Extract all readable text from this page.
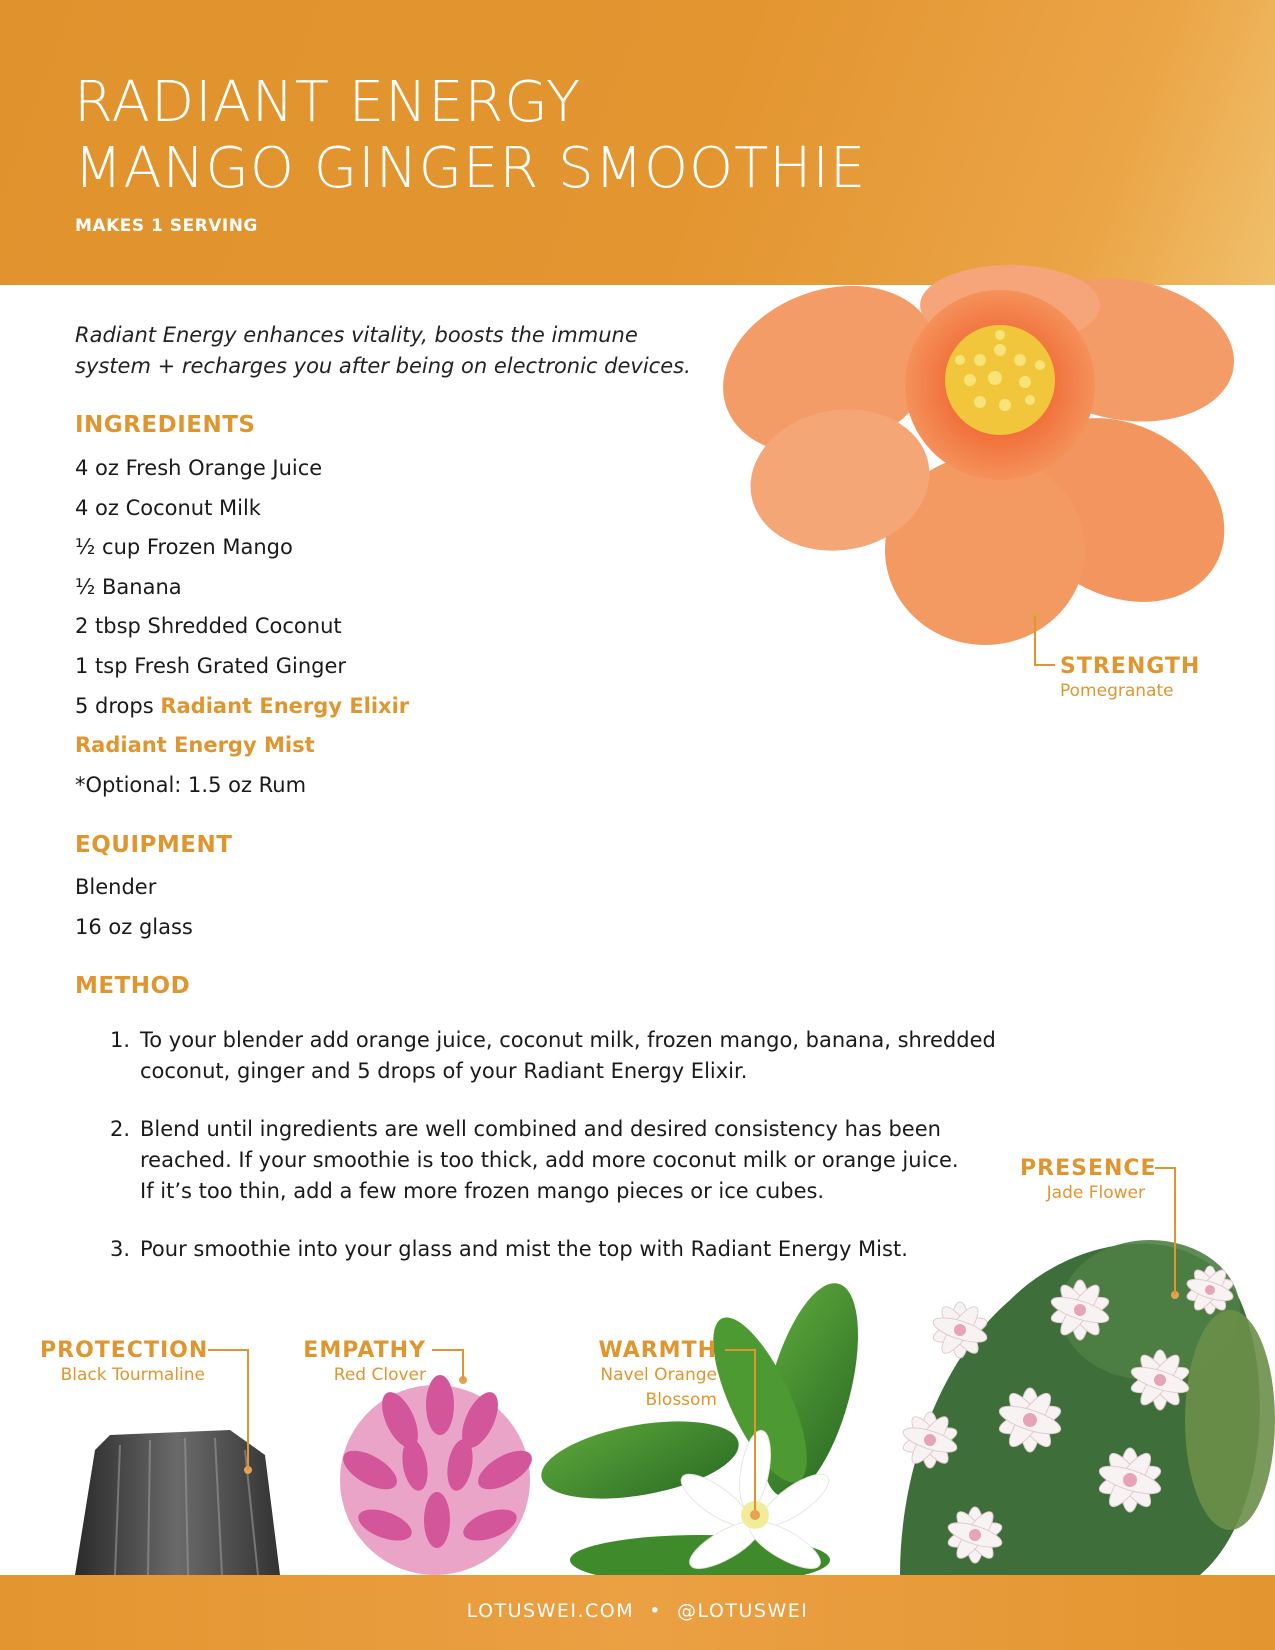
RADIANT ENERGY
MANGO GINGER SMOOTHIE
MAKES 1 SERVING
Radiant Energy enhances vitality, boosts the immune
system + recharges you after being on electronic devices.
INGREDIENTS
4 oz Fresh Orange Juice
4 oz Coconut Milk
½ cup Frozen Mango
½ Banana
2 tbsp Shredded Coconut
1 tsp Fresh Grated Ginger
5 drops Radiant Energy Elixir
Radiant Energy Mist
*Optional: 1.5 oz Rum
EQUIPMENT
Blender
16 oz glass
METHOD
1. To your blender add orange juice, coconut milk, frozen mango, banana, shredded
coconut, ginger and 5 drops of your Radiant Energy Elixir.
2. Blend until ingredients are well combined and desired consistency has been
reached. If your smoothie is too thick, add more coconut milk or orange juice.
If it’s too thin, add a few more frozen mango pieces or ice cubes.
3. Pour smoothie into your glass and mist the top with Radiant Energy Mist.
STRENGTH
Pomegranate
PRESENCE
Jade Flower
PROTECTION
Black Tourmaline
EMPATHY
Red Clover
WARMTH
Navel Orange
Blossom
LOTUSWEI.COM  •  @LOTUSWEI
